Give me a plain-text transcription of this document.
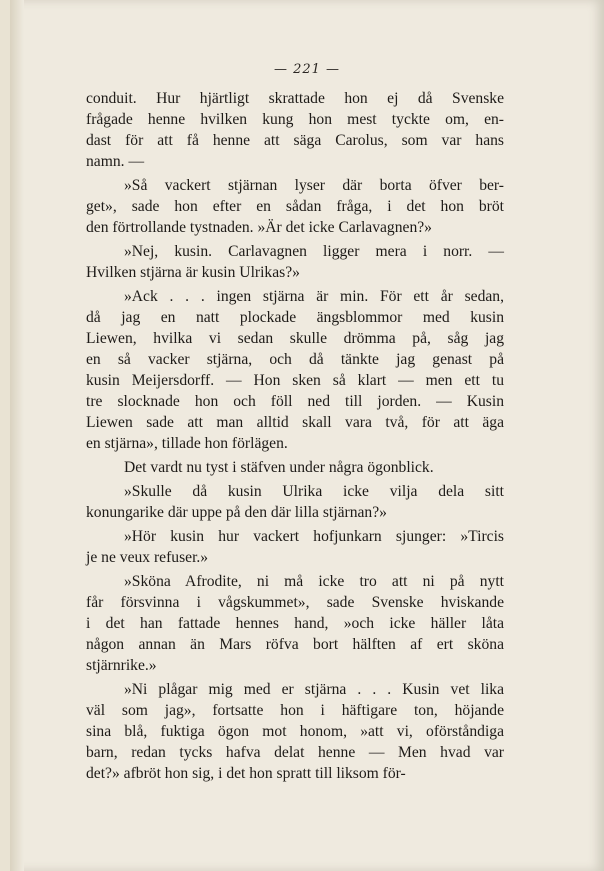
— 221 —

conduit. Hur hjärtligt skrattade hon ej då Svenske

frågade henne hvilken kung hon mest tyckte om, en-

dast för att få henne att säga Carolus, som var hans

namn. —

»Så vackert stjärnan lyser där borta öfver ber-

get», sade hon efter en sådan fråga, i det hon bröt

den förtrollande tystnaden. »Är det icke Carlavagnen?»

»Nej, kusin. Carlavagnen ligger mera i norr. —

Hvilken stjärna är kusin Ulrikas?»

»Ack . . . ingen stjärna är min. För ett år sedan,

då jag en natt plockade ängsblommor med kusin

Liewen, hvilka vi sedan skulle drömma på, såg jag

en så vacker stjärna, och då tänkte jag genast på

kusin Meijersdorff. — Hon sken så klart — men ett tu

tre slocknade hon och föll ned till jorden. — Kusin

Liewen sade att man alltid skall vara två, för att äga

en stjärna», tillade hon förlägen.

Det vardt nu tyst i stäfven under några ögonblick.

»Skulle då kusin Ulrika icke vilja dela sitt

konungarike där uppe på den där lilla stjärnan?»

»Hör kusin hur vackert hofjunkarn sjunger: »Tircis

je ne veux refuser.»

»Sköna Afrodite, ni må icke tro att ni på nytt

får försvinna i vågskummet», sade Svenske hviskande

i det han fattade hennes hand, »och icke häller låta

någon annan än Mars röfva bort hälften af ert sköna

stjärnrike.»

»Ni plågar mig med er stjärna . . . Kusin vet lika

väl som jag», fortsatte hon i häftigare ton, höjande

sina blå, fuktiga ögon mot honom, »att vi, oförståndiga

barn, redan tycks hafva delat henne — Men hvad var

det?» afbröt hon sig, i det hon spratt till liksom för-
